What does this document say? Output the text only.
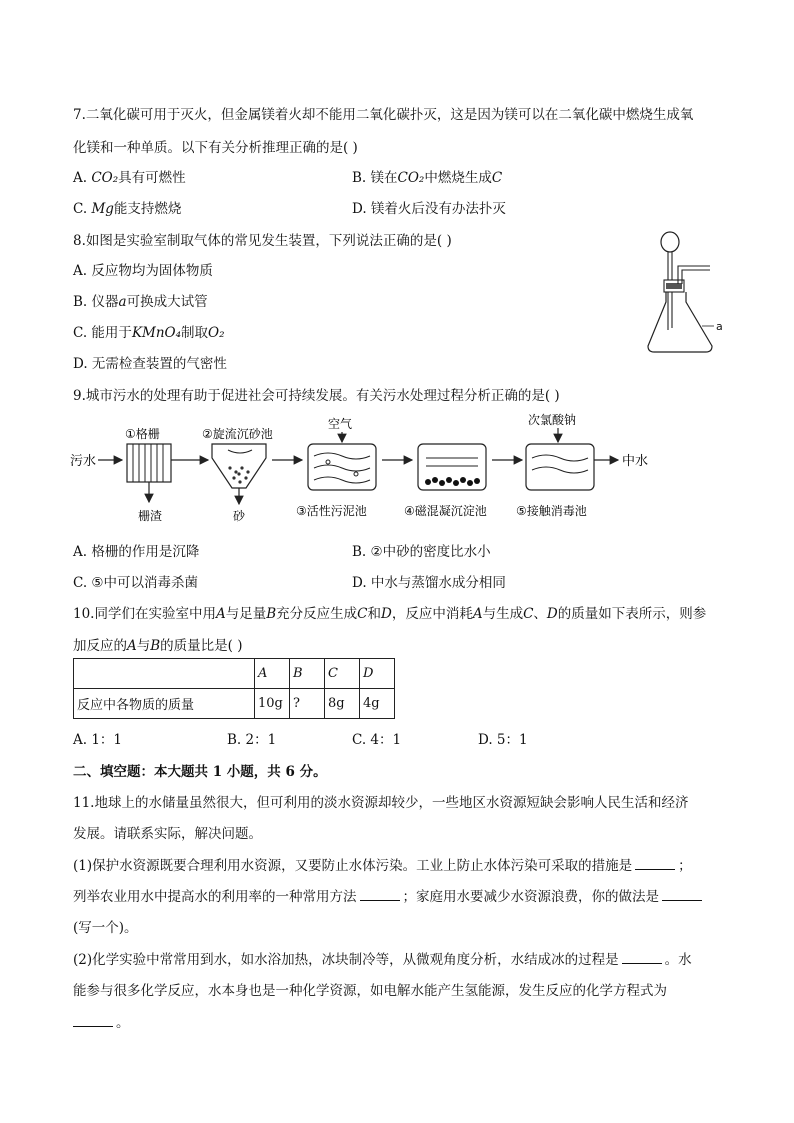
7.二氧化碳可用于灭火，但金属镁着火却不能用二氧化碳扑灭，这是因为镁可以在二氧化碳中燃烧生成氧
化镁和一种单质。以下有关分析推理正确的是( )
A. CO₂具有可燃性	B. 镁在CO₂中燃烧生成C
C. Mg能支持燃烧	D. 镁着火后没有办法扑灭
8.如图是实验室制取气体的常见发生装置，下列说法正确的是( )
A. 反应物均为固体物质
B. 仪器a可换成大试管
C. 能用于KMnO₄制取O₂
D. 无需检查装置的气密性
a
9.城市污水的处理有助于促进社会可持续发展。有关污水处理过程分析正确的是( )
污水
①格栅
栅渣
②旋流沉砂池
砂
空气
③活性污泥池	④磁混凝沉淀池
次氯酸钠
⑤接触消毒池
中水
A. 格栅的作用是沉降	B. ②中砂的密度比水小
C. ⑤中可以消毒杀菌	D. 中水与蒸馏水成分相同
10.同学们在实验室中用A与足量B充分反应生成C和D，反应中消耗A与生成C、D的质量如下表所示，则参
加反应的A与B的质量比是( )
	A	B	C	D
反应中各物质的质量	10g	?	8g	4g
A. 1：1	B. 2：1	C. 4：1	D. 5：1
二、填空题：本大题共 1 小题，共 6 分。
11.地球上的水储量虽然很大，但可利用的淡水资源却较少，一些地区水资源短缺会影响人民生活和经济
发展。请联系实际，解决问题。
(1)保护水资源既要合理利用水资源，又要防止水体污染。工业上防止水体污染可采取的措施是	；
列举农业用水中提高水的利用率的一种常用方法	；家庭用水要减少水资源浪费，你的做法是
(写一个)。
(2)化学实验中常常用到水，如水浴加热，冰块制冷等，从微观角度分析，水结成冰的过程是	。水
能参与很多化学反应，水本身也是一种化学资源，如电解水能产生氢能源，发生反应的化学方程式为
。
